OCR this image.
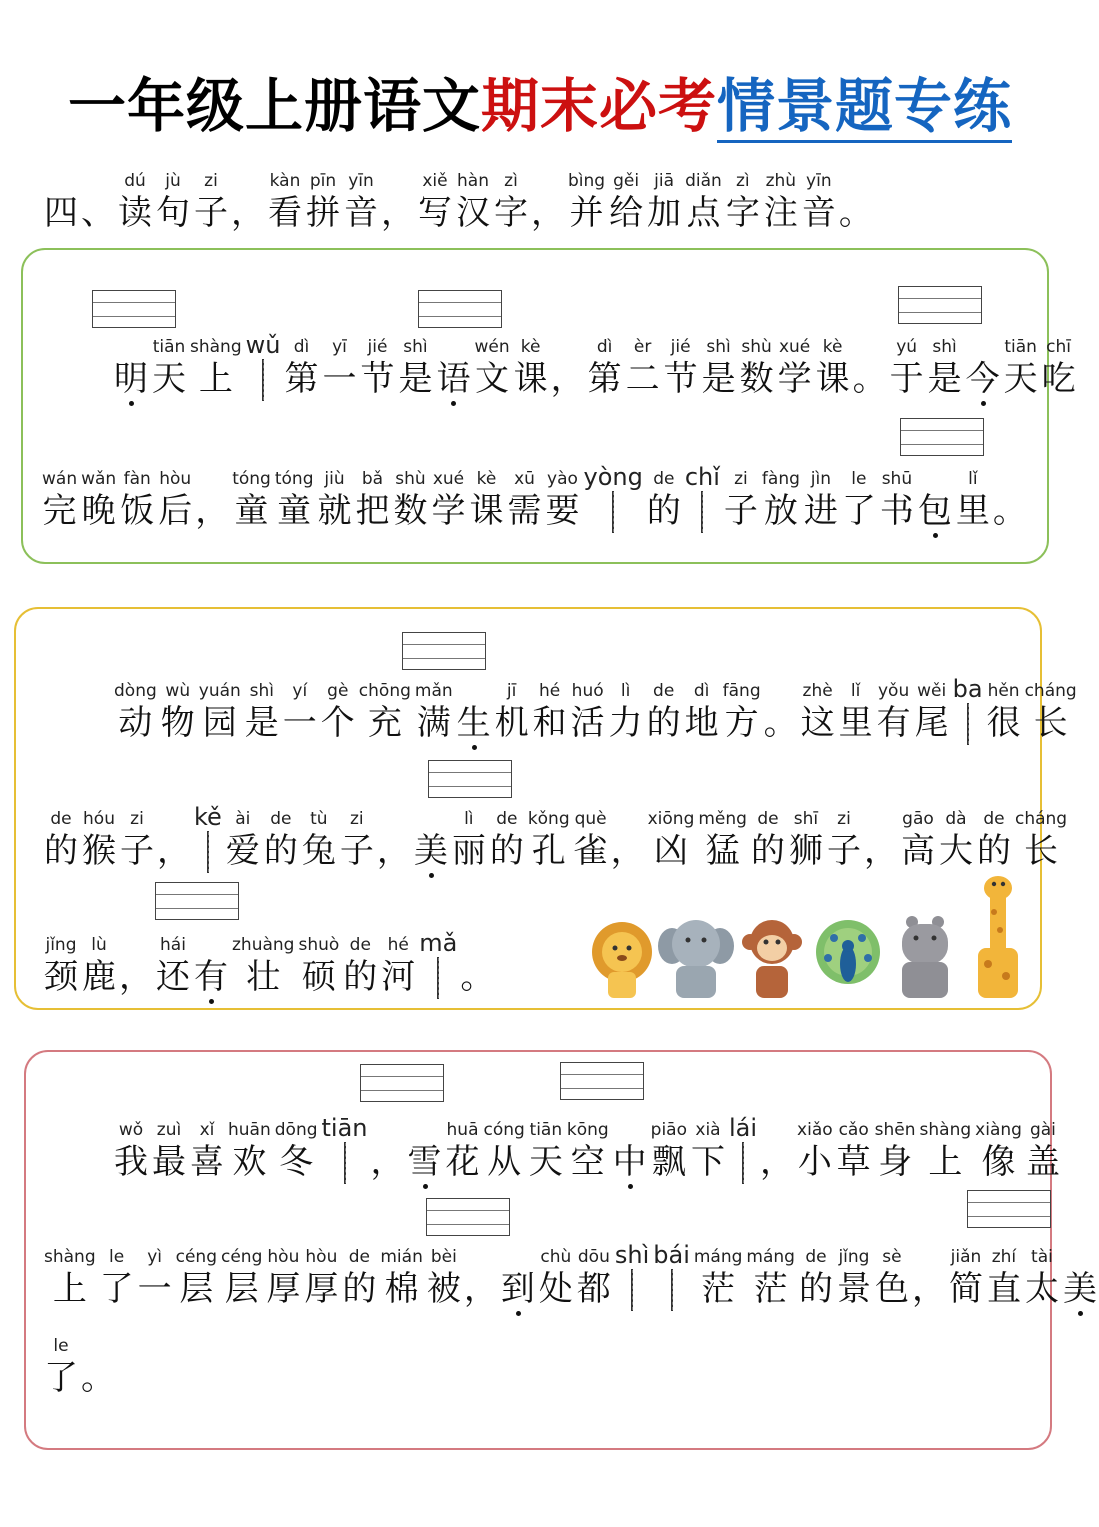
一年级上册语文期末必考情景题专练
四 、
dú
读
jù
句
zi
子 ，
kàn
看
pīn
拼
yīn
音 ，
xiě
写
hàn
汉
zì
字 ，
bìng
并
gěi
给
jiā
加
diǎn
点
zì
字
zhù
注
yīn
音 。
明
tiān
天
shàng
上
wǔ dì
第
yī
一
jié
节
shì
是 语
wén
文
kè
课 ，
dì
第
èr
二
jié
节
shì
是
shù
数
xué
学
kè
课 。
yú
于
shì
是 今
tiān
天
chī
吃
wán
完
wǎn
晚
fàn
饭
hòu
后 ，
tóng
童
tóng
童
jiù
就
bǎ
把
shù
数
xué
学
kè
课
xū
需
yào
要
yòng de
的
chǐ zi
子
fàng
放
jìn
进
le
了
shū
书 包
lǐ
里 。
dòng
动
wù
物
yuán
园
shì
是
yí
一
gè
个
chōng
充
mǎn
满 生
jī
机
hé
和
huó
活
lì
力
de
的
dì
地
fāng
方 。
zhè
这
lǐ
里
yǒu
有
wěi
尾
ba hěn
很
cháng
长
de
的
hóu
猴
zi
子 ，
kě ài
爱
de
的
tù
兔
zi
子 ， 美
lì
丽
de
的
kǒng
孔
què
雀 ，
xiōng
凶
měng
猛
de
的
shī
狮
zi
子 ，
gāo
高
dà
大
de
的
cháng
长
jǐng
颈
lù
鹿 ，
hái
还 有
zhuàng
壮
shuò
硕
de
的
hé
河
mǎ
。
wǒ
我
zuì
最
xǐ
喜
huān
欢
dōng
冬
tiān
， 雪
huā
花
cóng
从
tiān
天
kōng
空 中
piāo
飘
xià
下
lái
，
xiǎo
小
cǎo
草
shēn
身
shàng
上
xiàng
像
gài
盖
shàng
上
le
了
yì
一
céng
层
céng
层
hòu
厚
hòu
厚
de
的
mián
棉
bèi
被 ， 到
chù
处
dōu
都
shì bái máng
茫
máng
茫
de
的
jǐng
景
sè
色 ，
jiǎn
简
zhí
直
tài
太 美
le
了 。
